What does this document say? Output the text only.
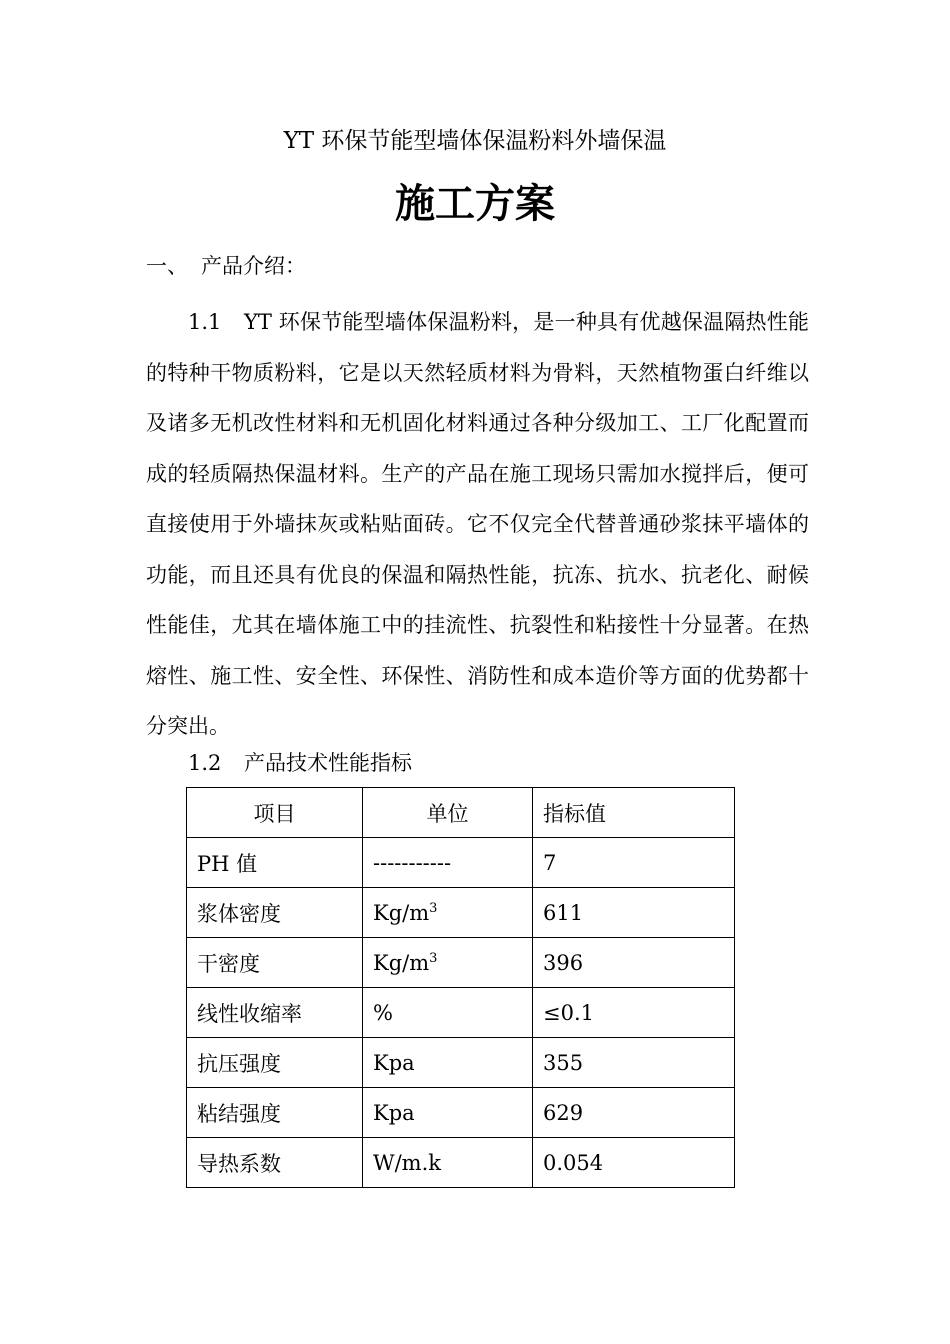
YT 环保节能型墙体保温粉料外墙保温
施工方案
一、 产品介绍：
1.1 YT 环保节能型墙体保温粉料，是一种具有优越保温隔热性能的特种干物质粉料，它是以天然轻质材料为骨料，天然植物蛋白纤维以及诸多无机改性材料和无机固化材料通过各种分级加工、工厂化配置而成的轻质隔热保温材料。生产的产品在施工现场只需加水搅拌后，便可直接使用于外墙抹灰或粘贴面砖。它不仅完全代替普通砂浆抹平墙体的功能，而且还具有优良的保温和隔热性能，抗冻、抗水、抗老化、耐候性能佳，尤其在墙体施工中的挂流性、抗裂性和粘接性十分显著。在热熔性、施工性、安全性、环保性、消防性和成本造价等方面的优势都十分突出。
1.2 产品技术性能指标
项目	单位	指标值
PH 值	-----------	7
浆体密度	$Kg/m^3$	611
干密度	$Kg/m^3$	396
线性收缩率	%	≤0.1
抗压强度	Kpa	355
粘结强度	Kpa	629
导热系数	W/m.k	0.054
